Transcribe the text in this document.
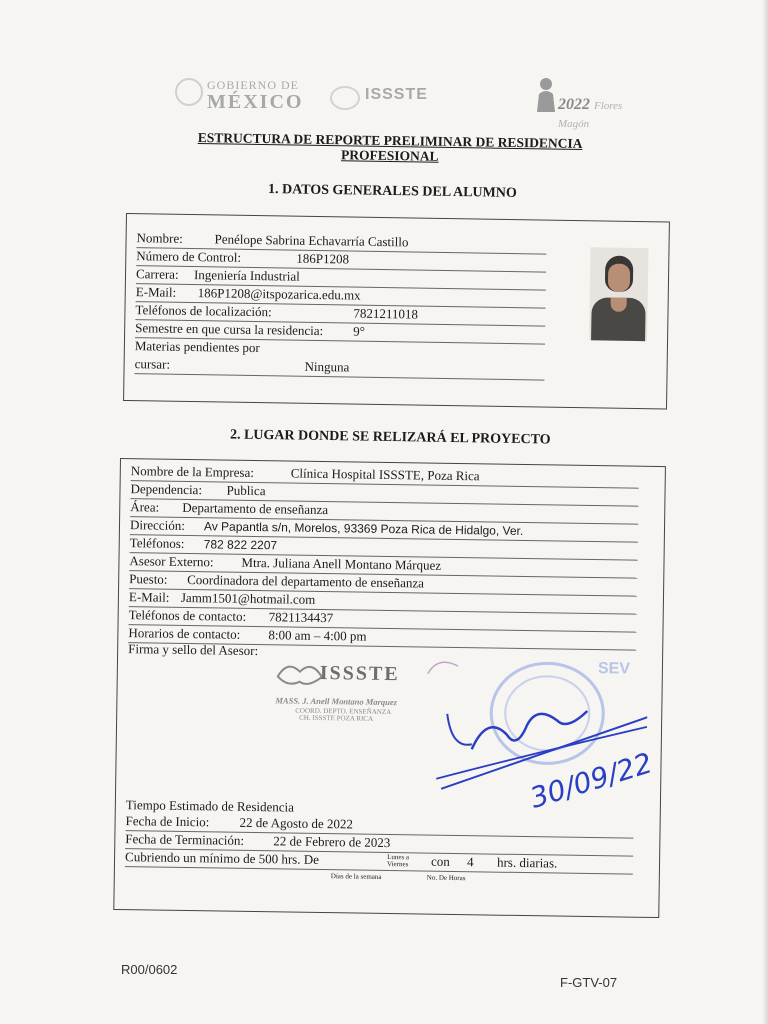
GOBIERNO DE
MÉXICO	ISSSTE
2022 Flores Magón
ESTRUCTURA DE REPORTE PRELIMINAR DE RESIDENCIA
PROFESIONAL
1. DATOS GENERALES DEL ALUMNO
Nombre: Penélope Sabrina Echavarría Castillo
Número de Control:	186P1208
Carrera: Ingeniería Industrial
E-Mail: 186P1208@itspozarica.edu.mx
Teléfonos de localización:	7821211018
Semestre en que cursa la residencia: 9°
Materias pendientes por
cursar:	Ninguna
2. LUGAR DONDE SE RELIZARÁ EL PROYECTO
Nombre de la Empresa:	Clínica Hospital ISSSTE, Poza Rica
Dependencia: Publica
Área: Departamento de enseñanza
Dirección: Av Papantla s/n, Morelos, 93369 Poza Rica de Hidalgo, Ver.
Teléfonos: 782 822 2207
Asesor Externo: Mtra. Juliana Anell Montano Márquez
Puesto: Coordinadora del departamento de enseñanza
E-Mail: Jamm1501@hotmail.com
Teléfonos de contacto: 7821134437
Horarios de contacto: 8:00 am – 4:00 pm
Firma y sello del Asesor:
ISSSTE
MASS. J. Anell Montano Marquez
COORD. DEPTO. ENSEÑANZA
CH. ISSSTE POZA RICA
SEV
30/09/22
Tiempo Estimado de Residencia
Fecha de Inicio: 22 de Agosto de 2022
Fecha de Terminación: 22 de Febrero de 2023
Cubriendo un mínimo de 500 hrs. De	Lunes a
Viernes con 4 hrs. diarias.
Días de la semana	No. De Horas
R00/0602
F-GTV-07
